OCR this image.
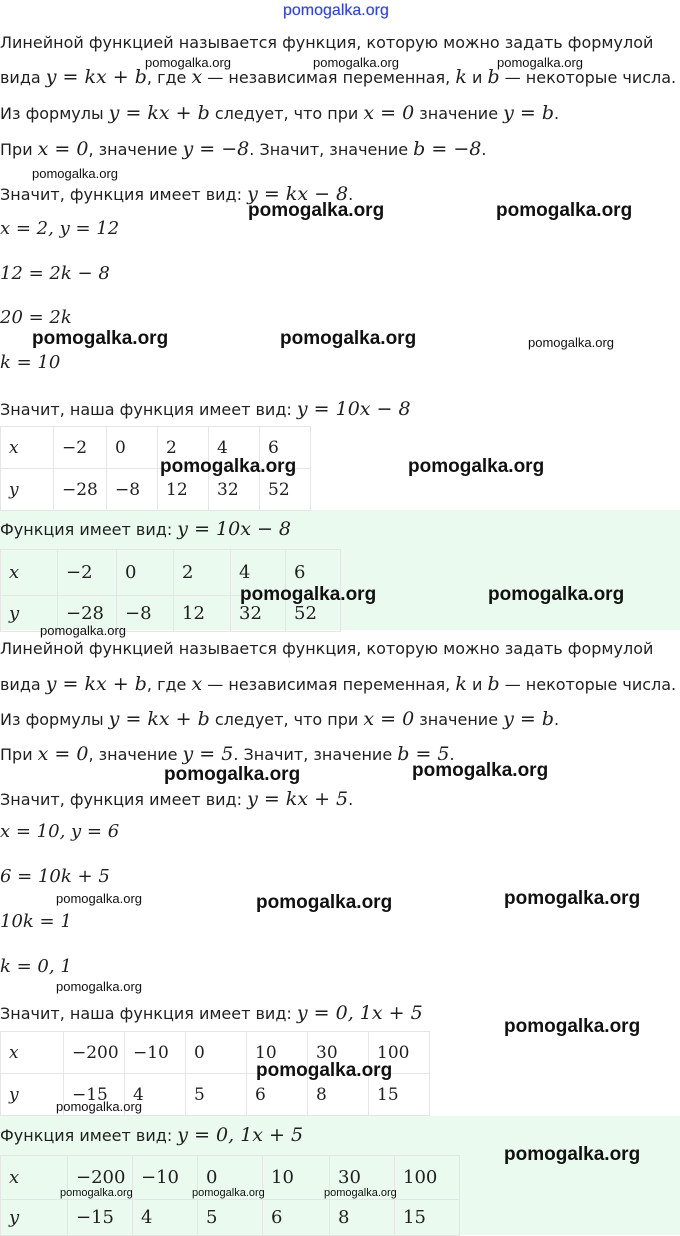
pomogalka.org
Линейной функцией называется функция, которую можно задать формулой
вида y = kx + b, где x — независимая переменная, k и b — некоторые числа.
Из формулы y = kx + b следует, что при x = 0 значение y = b.
При x = 0, значение y = −8. Значит, значение b = −8.
Значит, функция имеет вид: y = kx − 8.
x = 2, y = 12
12 = 2k − 8
20 = 2k
k = 10
Значит, наша функция имеет вид: y = 10x − 8
x	−2	0	2	4	6
y	−28	−8	12	32	52
Функция имеет вид: y = 10x − 8
x	−2	0	2	4	6
y	−28	−8	12	32	52
Линейной функцией называется функция, которую можно задать формулой
вида y = kx + b, где x — независимая переменная, k и b — некоторые числа.
Из формулы y = kx + b следует, что при x = 0 значение y = b.
При x = 0, значение y = 5. Значит, значение b = 5.
Значит, функция имеет вид: y = kx + 5.
x = 10, y = 6
6 = 10k + 5
10k = 1
k = 0, 1
Значит, наша функция имеет вид: y = 0, 1x + 5
x	−200	−10	0	10	30	100
y	−15	4	5	6	8	15
Функция имеет вид: y = 0, 1x + 5
x	−200	−10	0	10	30	100
y	−15	4	5	6	8	15
pomogalka.org	pomogalka.org	pomogalka.org
pomogalka.org
pomogalka.org	pomogalka.org
pomogalka.org	pomogalka.org	pomogalka.org
pomogalka.org	pomogalka.org
pomogalka.org	pomogalka.org
pomogalka.org
pomogalka.org	pomogalka.org
pomogalka.org	pomogalka.org	pomogalka.org
pomogalka.org
pomogalka.org
pomogalka.org
pomogalka.org
pomogalka.org
pomogalka.org	pomogalka.org	pomogalka.org
